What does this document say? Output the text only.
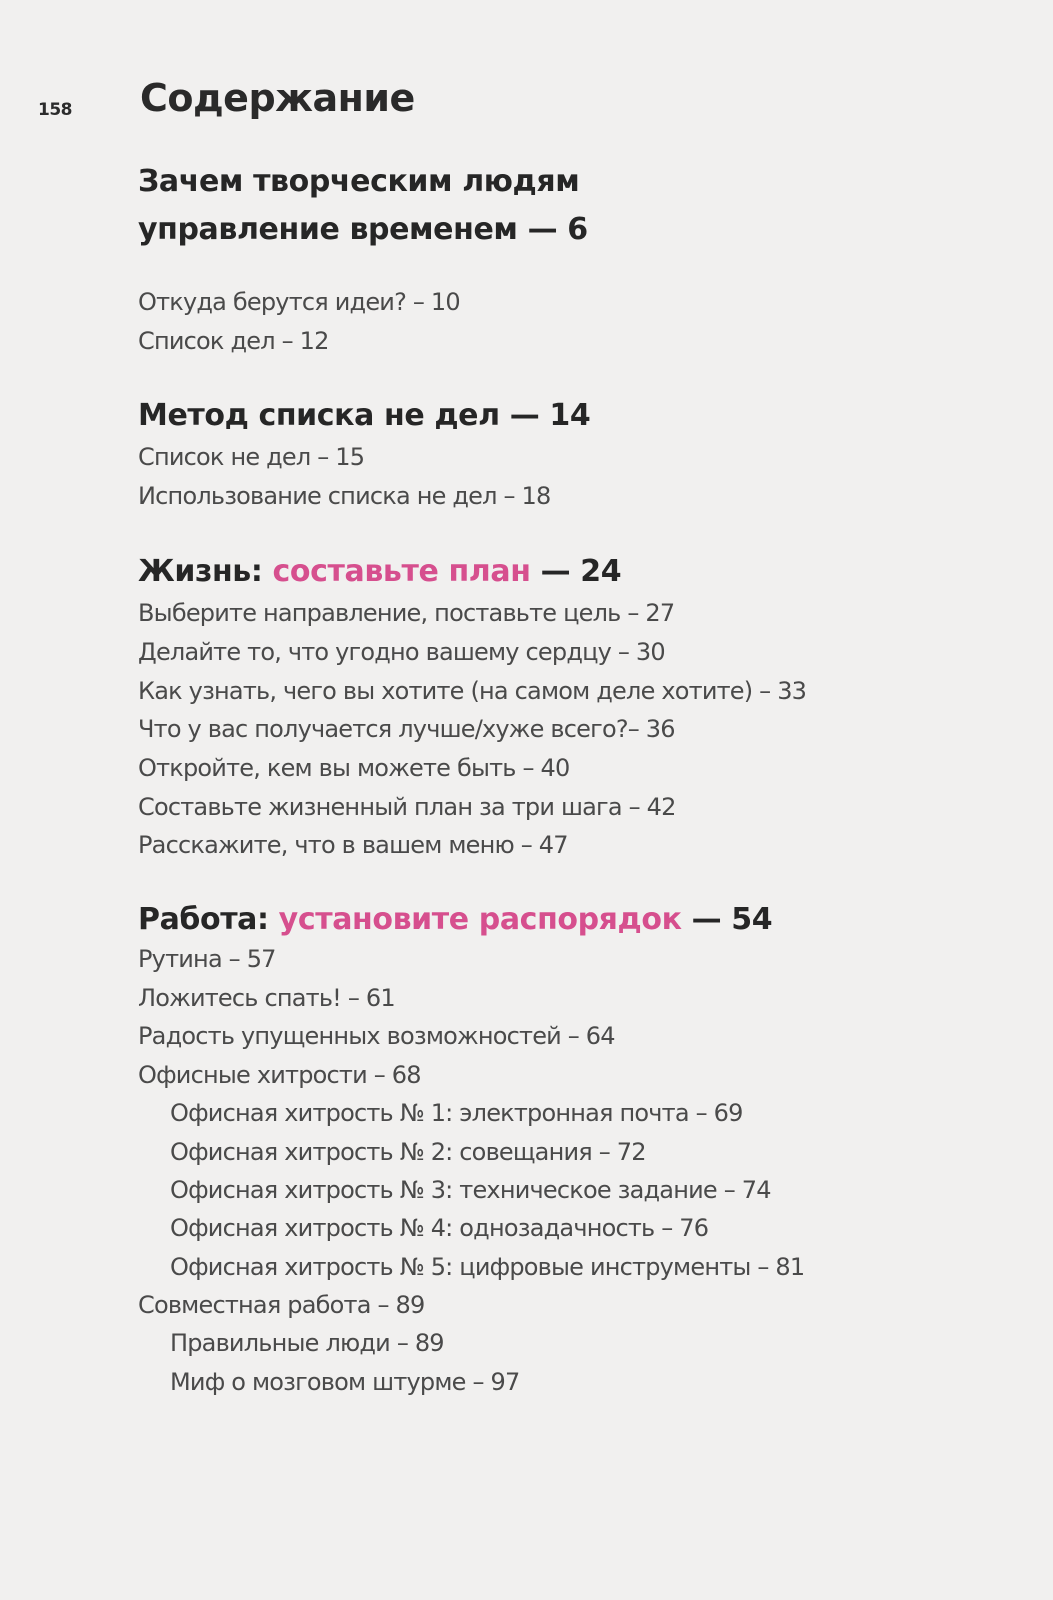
158 Содержание
Зачем творческим людям
управление временем — 6
Откуда берутся идеи? – 10
Список дел – 12
Метод списка не дел — 14
Список не дел – 15
Использование списка не дел – 18
Жизнь: составьте план — 24
Выберите направление, поставьте цель – 27
Делайте то, что угодно вашему сердцу – 30
Как узнать, чего вы хотите (на самом деле хотите) – 33
Что у вас получается лучше/хуже всего?– 36
Откройте, кем вы можете быть – 40
Составьте жизненный план за три шага – 42
Расскажите, что в вашем меню – 47
Работа: установите распорядок — 54
Рутина – 57
Ложитесь спать! – 61
Радость упущенных возможностей – 64
Офисные хитрости – 68
Офисная хитрость № 1: электронная почта – 69
Офисная хитрость № 2: совещания – 72
Офисная хитрость № 3: техническое задание – 74
Офисная хитрость № 4: однозадачность – 76
Офисная хитрость № 5: цифровые инструменты – 81
Совместная работа – 89
Правильные люди – 89
Миф о мозговом штурме – 97
